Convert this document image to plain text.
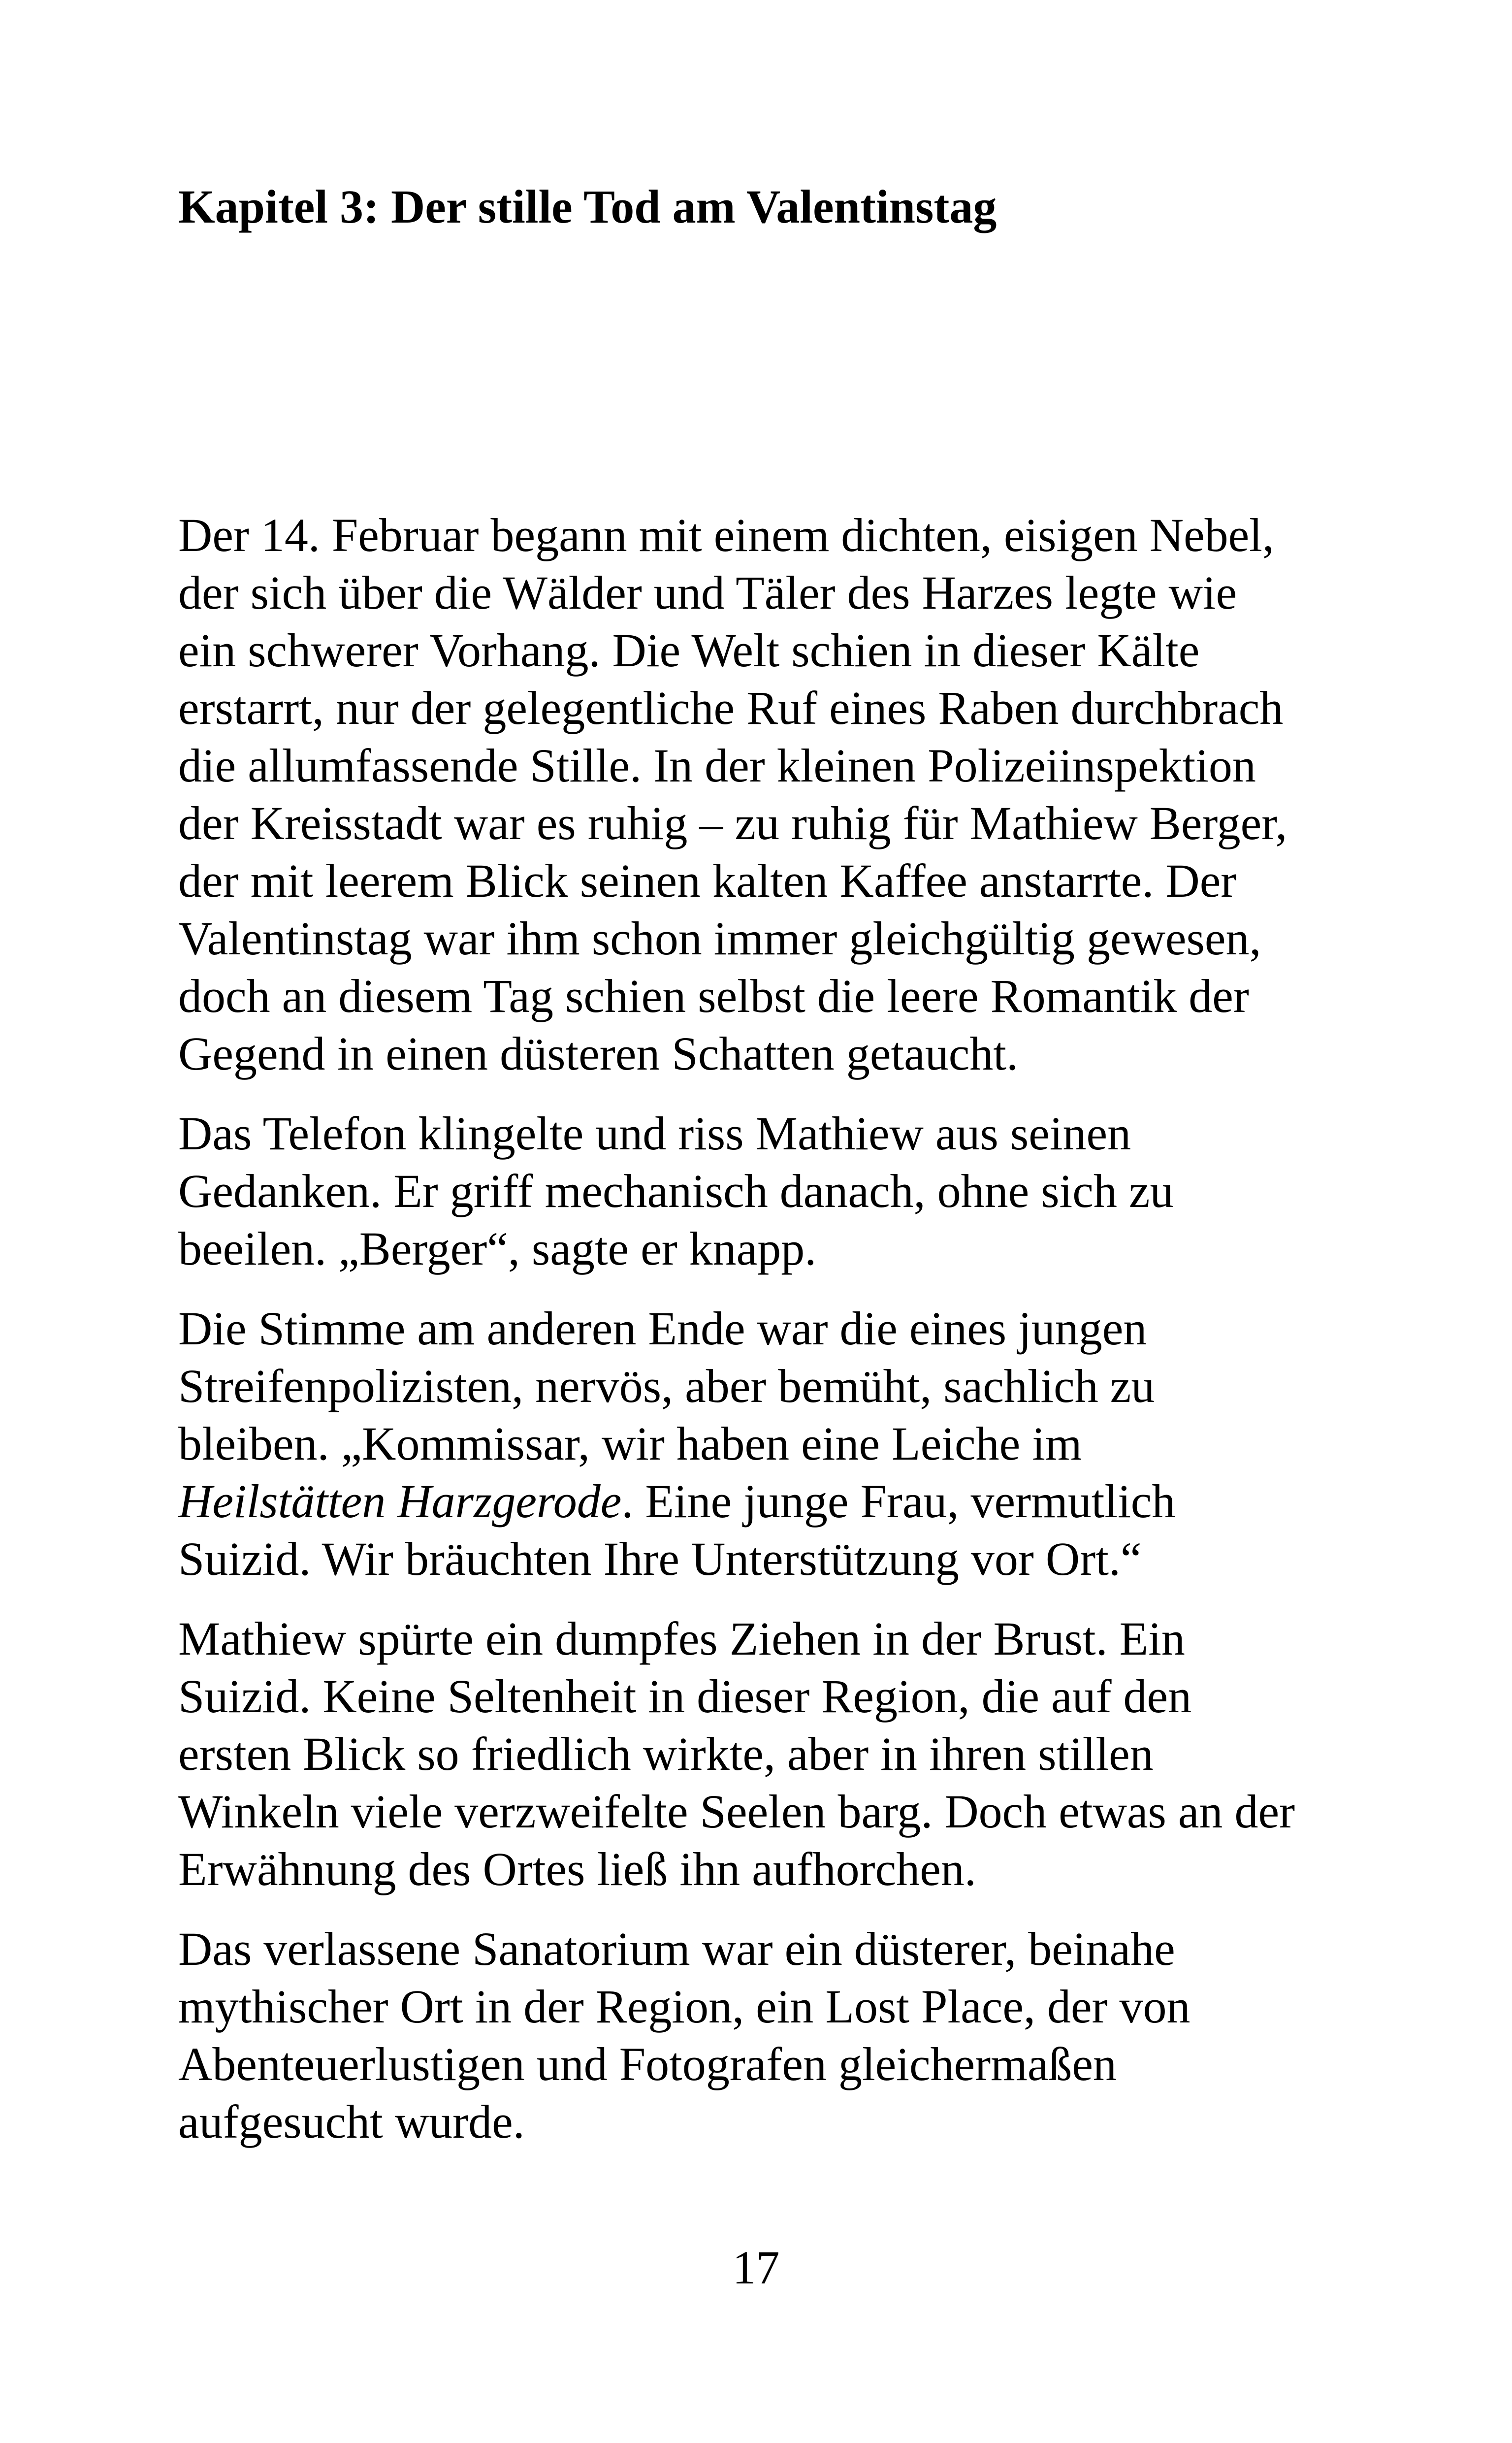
Kapitel 3: Der stille Tod am Valentinstag

Der 14. Februar begann mit einem dichten, eisigen Nebel,
der sich über die Wälder und Täler des Harzes legte wie
ein schwerer Vorhang. Die Welt schien in dieser Kälte
erstarrt, nur der gelegentliche Ruf eines Raben durchbrach
die allumfassende Stille. In der kleinen Polizeiinspektion
der Kreisstadt war es ruhig – zu ruhig für Mathiew Berger,
der mit leerem Blick seinen kalten Kaffee anstarrte. Der
Valentinstag war ihm schon immer gleichgültig gewesen,
doch an diesem Tag schien selbst die leere Romantik der
Gegend in einen düsteren Schatten getaucht.

Das Telefon klingelte und riss Mathiew aus seinen
Gedanken. Er griff mechanisch danach, ohne sich zu
beeilen. „Berger“, sagte er knapp.

Die Stimme am anderen Ende war die eines jungen
Streifenpolizisten, nervös, aber bemüht, sachlich zu
bleiben. „Kommissar, wir haben eine Leiche im
Heilstätten Harzgerode. Eine junge Frau, vermutlich
Suizid. Wir bräuchten Ihre Unterstützung vor Ort.“

Mathiew spürte ein dumpfes Ziehen in der Brust. Ein
Suizid. Keine Seltenheit in dieser Region, die auf den
ersten Blick so friedlich wirkte, aber in ihren stillen
Winkeln viele verzweifelte Seelen barg. Doch etwas an der
Erwähnung des Ortes ließ ihn aufhorchen.

Das verlassene Sanatorium war ein düsterer, beinahe
mythischer Ort in der Region, ein Lost Place, der von
Abenteuerlustigen und Fotografen gleichermaßen
aufgesucht wurde.

17
